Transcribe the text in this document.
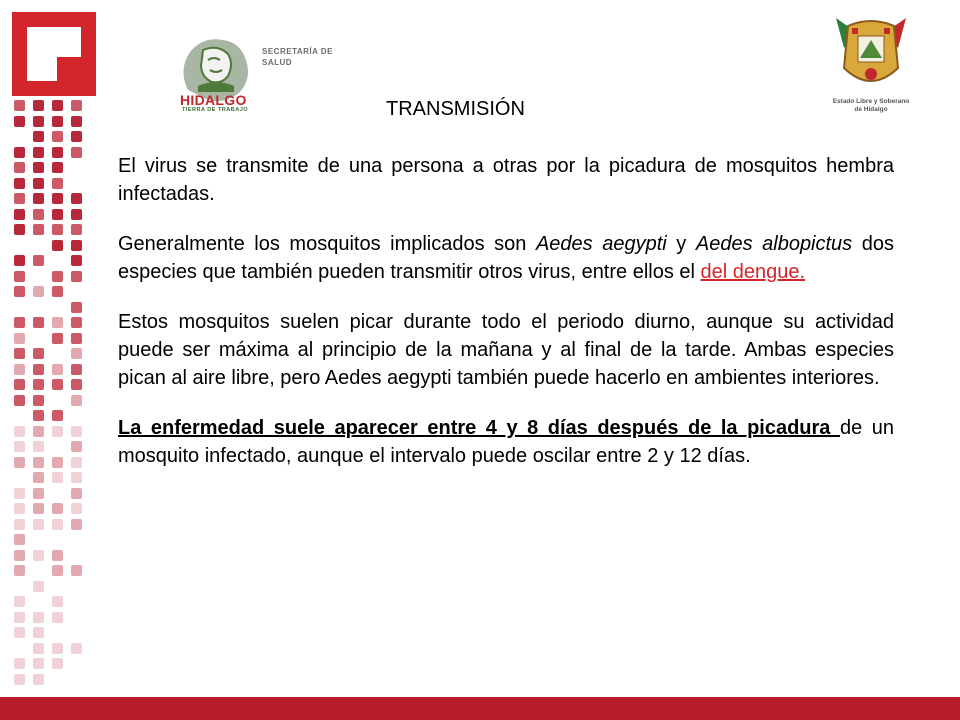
SECRETARÍA DE
SALUD
HIDALGO
TIERRA DE TRABAJO
Estado Libre y Soberano
de Hidalgo
TRANSMISIÓN

El virus se transmite de una persona a otras por la picadura de mosquitos hembra infectadas.

Generalmente los mosquitos implicados son Aedes aegypti y Aedes albopictus dos especies que también pueden transmitir otros virus, entre ellos el del dengue.

Estos mosquitos suelen picar durante todo el periodo diurno, aunque su actividad puede ser máxima al principio de la mañana y al final de la tarde. Ambas especies pican al aire libre, pero Aedes aegypti también puede hacerlo en ambientes interiores.

La enfermedad suele aparecer entre 4 y 8 días después de la picadura de un mosquito infectado, aunque el intervalo puede oscilar entre 2 y 12 días.
